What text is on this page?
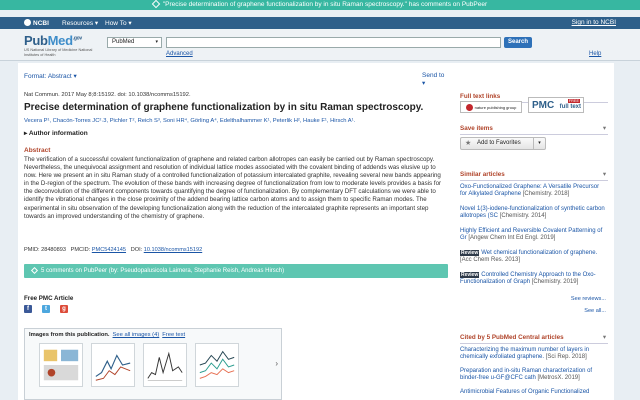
"Precise determination of graphene functionalization by in situ Raman spectroscopy." has comments on PubPeer
NCBI Resources ▾ How To ▾	Sign in to NCBI
PubMed$^{.gov}$
US National Library of Medicine National Institutes of Health
PubMed	▾	Search
Advanced	Help
Format: Abstract ▾	Send to ▾
Nat Commun. 2017 May 8;8:15192. doi: 10.1038/ncomms15192.
Precise determination of graphene functionalization by in situ Raman spectroscopy.
Vecera P¹, Chacón-Torres JC²˒3, Pichler T², Reich S³, Soni HR⁴, Görling A⁴, Edelthalhammer K¹, Peterlik H², Hauke F¹, Hirsch A¹.
▸ Author information
Abstract
The verification of a successful covalent functionalization of graphene and related carbon allotropes can easily be carried out by Raman spectroscopy. Nevertheless, the unequivocal assignment and resolution of individual lattice modes associated with the covalent binding of addends was elusive up to now. Here we present an in situ Raman study of a controlled functionalization of potassium intercalated graphite, revealing several new bands appearing in the D-region of the spectrum. The evolution of these bands with increasing degree of functionalization from low to moderate levels provides a basis for the deconvolution of the different components towards quantifying the degree of functionalization. By complementary DFT calculations we were able to identify the vibrational changes in the close proximity of the addend bearing lattice carbon atoms and to assign them to specific Raman modes. The experimental in situ observation of the developing functionalization along with the reduction of the intercalated graphite represents an important step towards an improved understanding of the chemistry of graphene.
PMID: 28480893 PMCID: PMC5424145 DOI: 10.1038/ncomms15192
5 comments on PubPeer (by: Pseudopalusicola Laimera, Stephanie Reish, Andreas Hirsch)
Free PMC Article
f	t	g
Images from this publication. See all images (4) Free text
›
Full text links
nature publishing group	PMC	FREE
full text
Save items	▾
★ Add to Favorites	▾
Similar articles	▾
Oxo-Functionalized Graphene: A Versatile Precursor for Alkylated Graphene [Chemistry. 2018]
Novel 1(3)-iodene-functionalization of synthetic carbon allotropes (SC [Chemistry. 2014]
Highly Efficient and Reversible Covalent Patterning of Gr [Angew Chem Int Ed Engl. 2019]
Review Wet chemical functionalization of graphene. [Acc Chem Res. 2013]
Review Controlled Chemistry Approach to the Oxo-Functionalization of Graph [Chemistry. 2019]
See reviews...
See all...
Cited by 5 PubMed Central articles	▾
Characterizing the maximum number of layers in chemically exfoliated graphene. [Sci Rep. 2018]
Preparation and in-situ Raman characterization of binder-free u-GF@CFC cath [MetrosX. 2019]
Antimicrobial Features of Organic Functionalized
